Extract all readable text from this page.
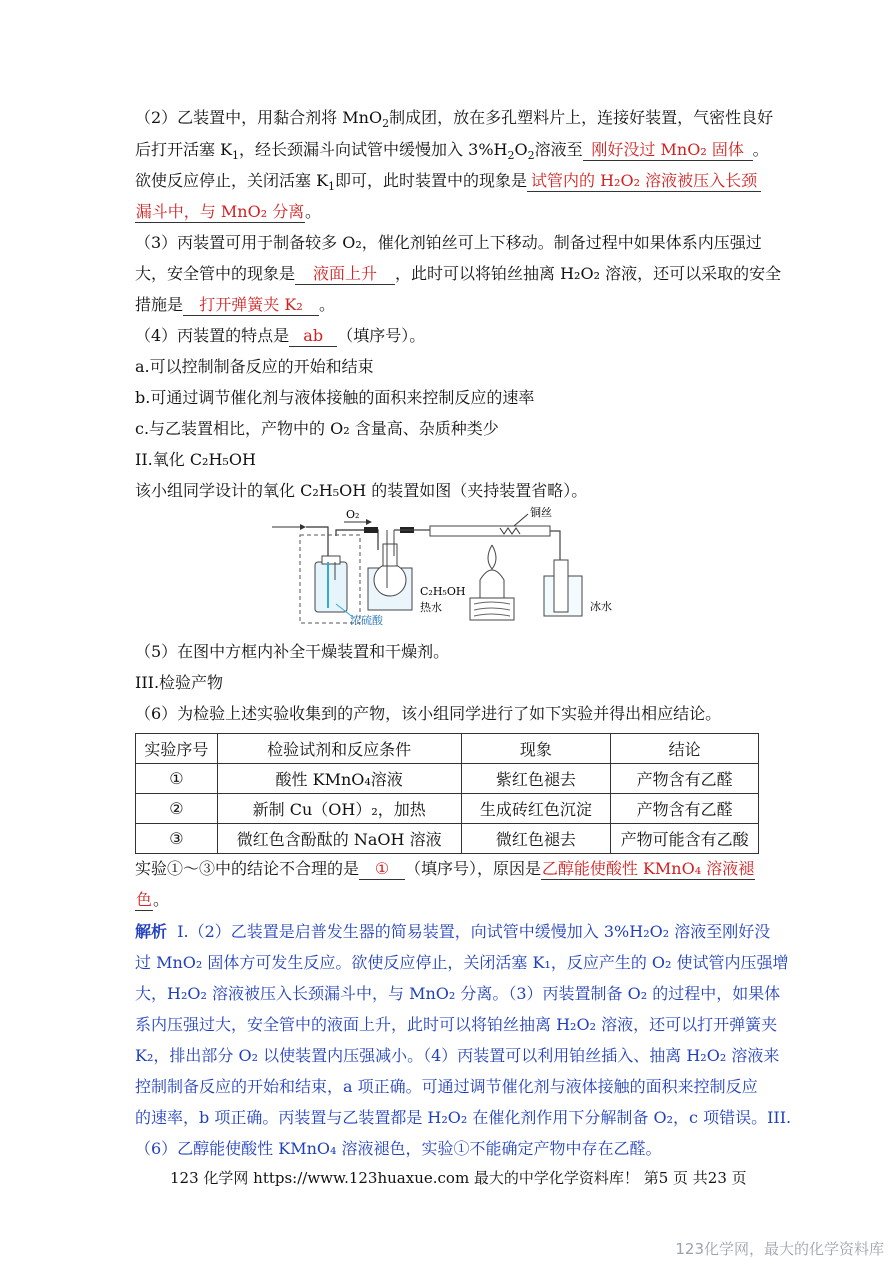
（2）乙装置中，用黏合剂将 MnO$_2$制成团，放在多孔塑料片上，连接好装置，气密性良好
后打开活塞 $K_1$，经长颈漏斗向试管中缓慢加入 $3\%H_2O_2$溶液至 刚好没过 MnO₂ 固体 。
欲使反应停止，关闭活塞 $K_1$即可，此时装置中的现象是 试管内的 H₂O₂ 溶液被压入长颈
漏斗中，与 MnO₂ 分离。
（3）丙装置可用于制备较多 O₂，催化剂铂丝可上下移动。制备过程中如果体系内压强过
大，安全管中的现象是 液面上升 ，此时可以将铂丝抽离 H₂O₂ 溶液，还可以采取的安全
措施是 打开弹簧夹 K₂ 。
（4）丙装置的特点是 ab （填序号）。
a.可以控制制备反应的开始和结束
b.可通过调节催化剂与液体接触的面积来控制反应的速率
c.与乙装置相比，产物中的 O₂ 含量高、杂质种类少
II.氧化 C₂H₅OH
该小组同学设计的氧化 C₂H₅OH 的装置如图（夹持装置省略）。
O₂
C₂H₅OH
热水
铜丝
冰水
浓硫酸
（5）在图中方框内补全干燥装置和干燥剂。
III.检验产物
（6）为检验上述实验收集到的产物，该小组同学进行了如下实验并得出相应结论。
实验序号	检验试剂和反应条件	现象	结论
①	酸性 KMnO₄溶液	紫红色褪去	产物含有乙醛
②	新制 Cu（OH）₂，加热	生成砖红色沉淀	产物含有乙醛
③	微红色含酚酞的 NaOH 溶液	微红色褪去	产物可能含有乙酸
实验①～③中的结论不合理的是 ① （填序号），原因是乙醇能使酸性 KMnO₄ 溶液褪
色。
解析 I.（2）乙装置是启普发生器的简易装置，向试管中缓慢加入 3%H₂O₂ 溶液至刚好没
过 MnO₂ 固体方可发生反应。欲使反应停止，关闭活塞 K₁，反应产生的 O₂ 使试管内压强增
大，H₂O₂ 溶液被压入长颈漏斗中，与 MnO₂ 分离。（3）丙装置制备 O₂ 的过程中，如果体
系内压强过大，安全管中的液面上升，此时可以将铂丝抽离 H₂O₂ 溶液，还可以打开弹簧夹
K₂，排出部分 O₂ 以使装置内压强减小。（4）丙装置可以利用铂丝插入、抽离 H₂O₂ 溶液来
控制制备反应的开始和结束，a 项正确。可通过调节催化剂与液体接触的面积来控制反应
的速率，b 项正确。丙装置与乙装置都是 H₂O₂ 在催化剂作用下分解制备 O₂，c 项错误。III.
（6）乙醇能使酸性 KMnO₄ 溶液褪色，实验①不能确定产物中存在乙醛。
123 化学网 https://www.123huaxue.com 最大的中学化学资料库！ 第5 页 共23 页
123化学网，最大的化学资料库
